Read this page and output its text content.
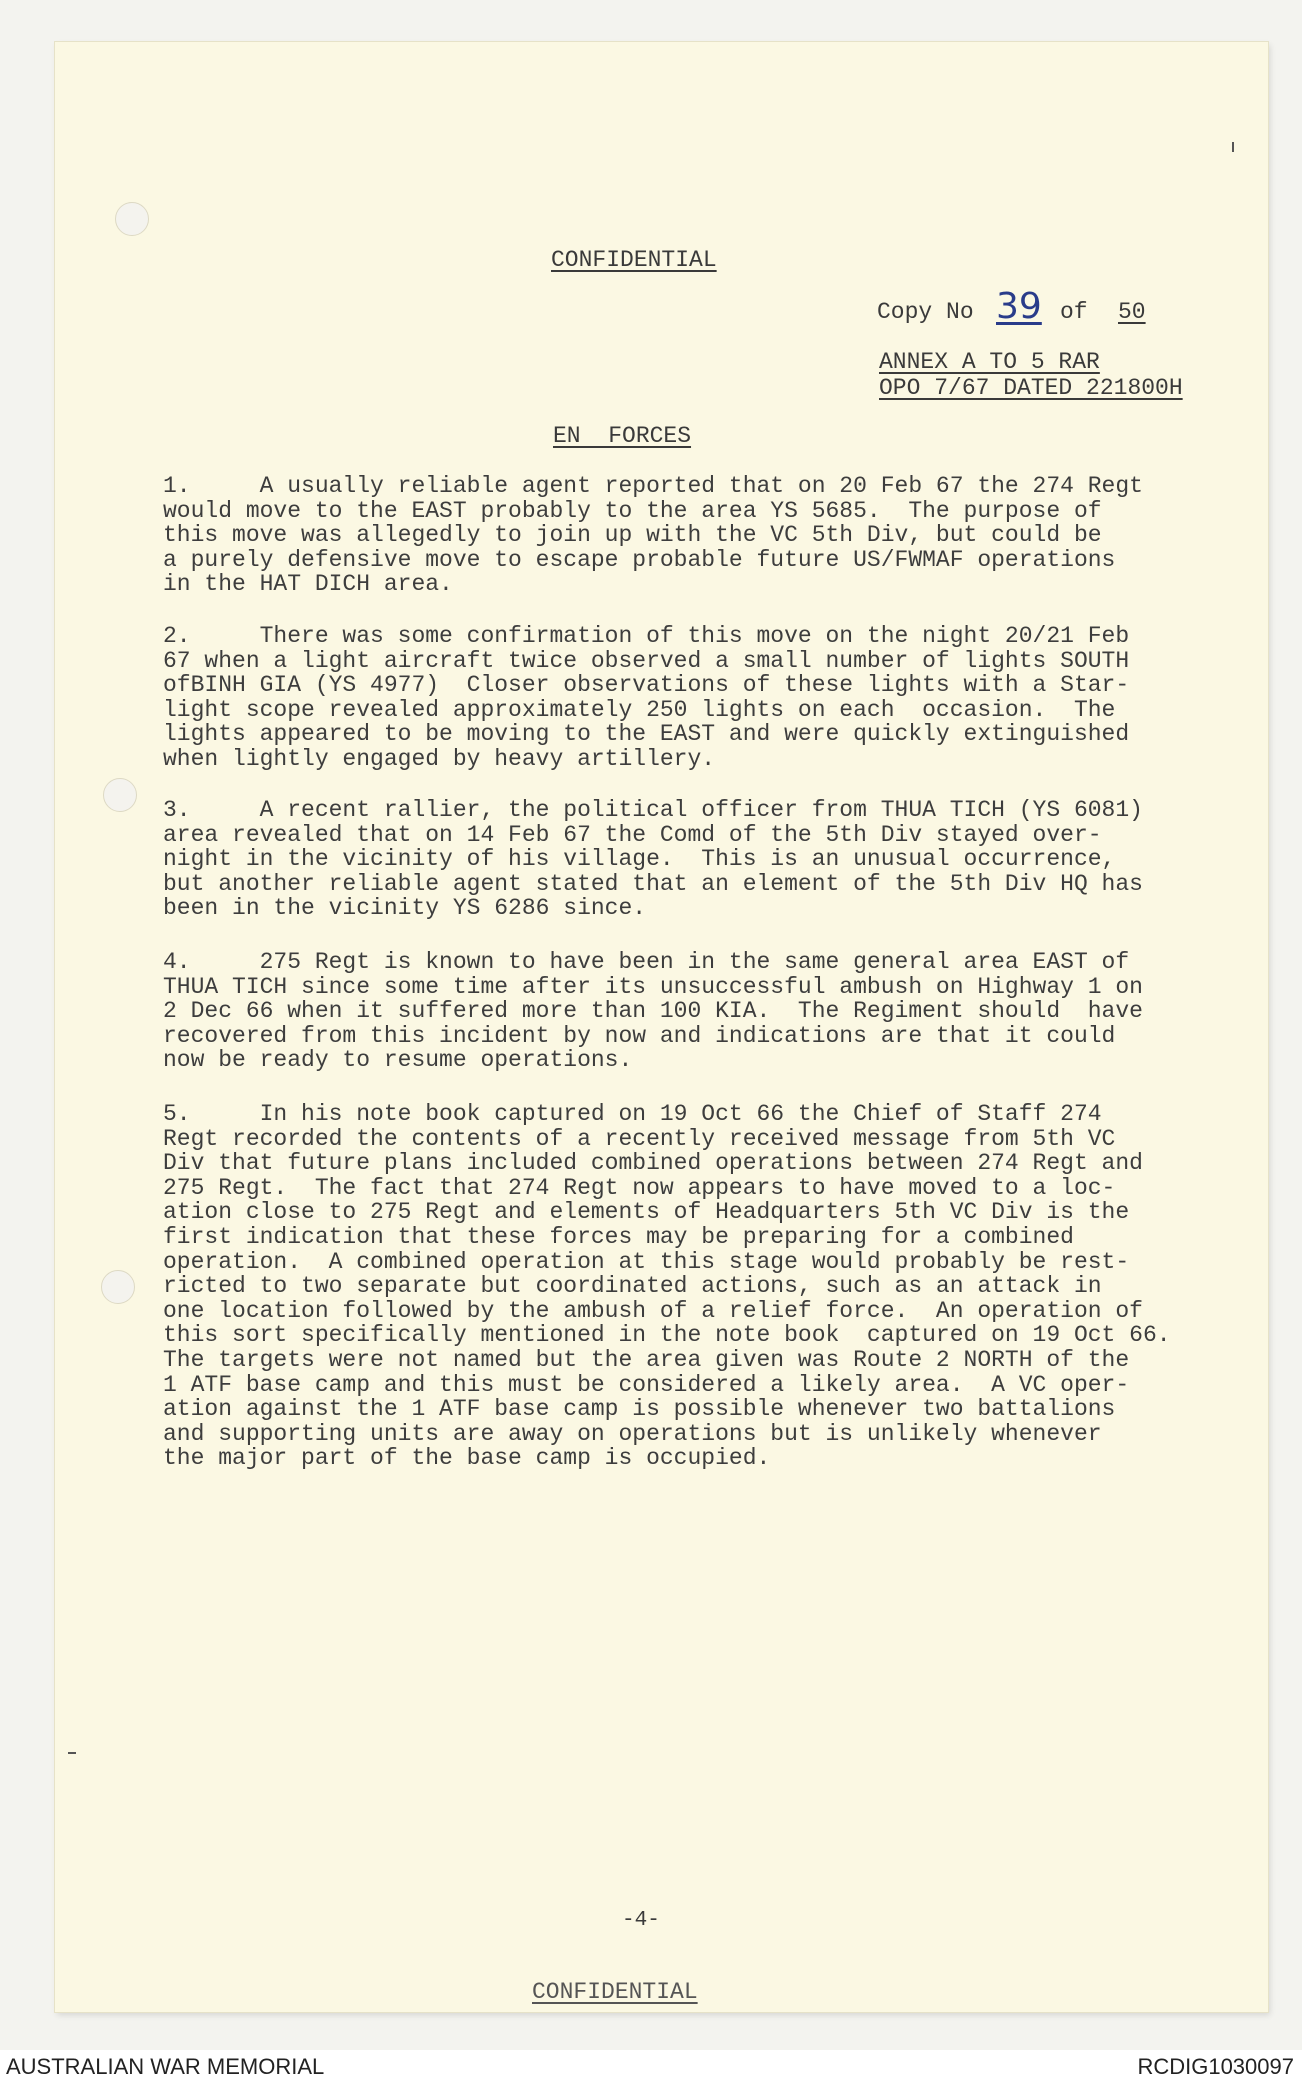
CONFIDENTIAL
Copy No 39 of 50
ANNEX A TO 5 RAR
OPO 7/67 DATED 221800H
EN  FORCES
1.     A usually reliable agent reported that on 20 Feb 67 the 274 Regt
would move to the EAST probably to the area YS 5685.  The purpose of
this move was allegedly to join up with the VC 5th Div, but could be
a purely defensive move to escape probable future US/FWMAF operations
in the HAT DICH area.
2.     There was some confirmation of this move on the night 20/21 Feb
67 when a light aircraft twice observed a small number of lights SOUTH
ofBINH GIA (YS 4977)  Closer observations of these lights with a Star-
light scope revealed approximately 250 lights on each  occasion.  The
lights appeared to be moving to the EAST and were quickly extinguished
when lightly engaged by heavy artillery.
3.     A recent rallier, the political officer from THUA TICH (YS 6081)
area revealed that on 14 Feb 67 the Comd of the 5th Div stayed over-
night in the vicinity of his village.  This is an unusual occurrence,
but another reliable agent stated that an element of the 5th Div HQ has
been in the vicinity YS 6286 since.
4.     275 Regt is known to have been in the same general area EAST of
THUA TICH since some time after its unsuccessful ambush on Highway 1 on
2 Dec 66 when it suffered more than 100 KIA.  The Regiment should  have
recovered from this incident by now and indications are that it could
now be ready to resume operations.
5.     In his note book captured on 19 Oct 66 the Chief of Staff 274
Regt recorded the contents of a recently received message from 5th VC
Div that future plans included combined operations between 274 Regt and
275 Regt.  The fact that 274 Regt now appears to have moved to a loc-
ation close to 275 Regt and elements of Headquarters 5th VC Div is the
first indication that these forces may be preparing for a combined
operation.  A combined operation at this stage would probably be rest-
ricted to two separate but coordinated actions, such as an attack in
one location followed by the ambush of a relief force.  An operation of
this sort specifically mentioned in the note book  captured on 19 Oct 66.
The targets were not named but the area given was Route 2 NORTH of the
1 ATF base camp and this must be considered a likely area.  A VC oper-
ation against the 1 ATF base camp is possible whenever two battalions
and supporting units are away on operations but is unlikely whenever
the major part of the base camp is occupied.
-4-
CONFIDENTIAL
AUSTRALIAN WAR MEMORIAL	RCDIG1030097
